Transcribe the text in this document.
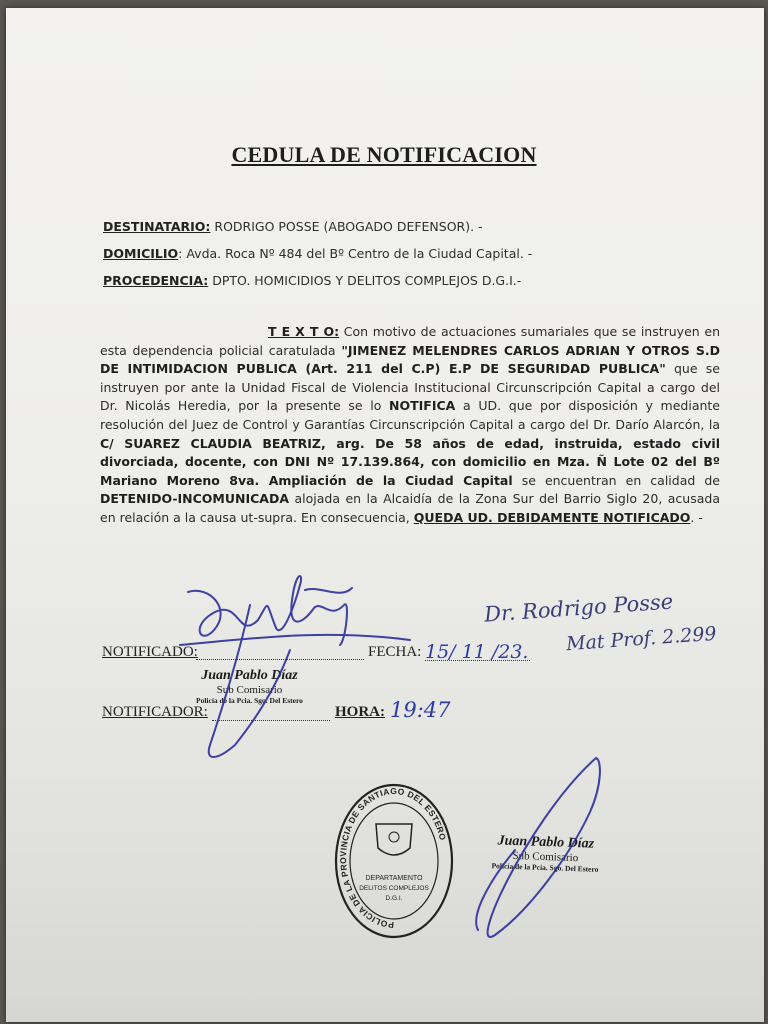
CEDULA DE NOTIFICACION
DESTINATARIO: RODRIGO POSSE (ABOGADO DEFENSOR). -
DOMICILIO: Avda. Roca Nº 484 del Bº Centro de la Ciudad Capital. -
PROCEDENCIA: DPTO. HOMICIDIOS Y DELITOS COMPLEJOS D.G.I.-
T E X T O: Con motivo de actuaciones sumariales que se instruyen en esta dependencia policial caratulada "JIMENEZ MELENDRES CARLOS ADRIAN Y OTROS S.D DE INTIMIDACION PUBLICA (Art. 211 del C.P) E.P DE SEGURIDAD PUBLICA" que se instruyen por ante la Unidad Fiscal de Violencia Institucional Circunscripción Capital a cargo del Dr. Nicolás Heredia, por la presente se lo NOTIFICA a UD. que por disposición y mediante resolución del Juez de Control y Garantías Circunscripción Capital a cargo del Dr. Darío Alarcón, la C/ SUAREZ CLAUDIA BEATRIZ, arg. De 58 años de edad, instruida, estado civil divorciada, docente, con DNI Nº 17.139.864, con domicilio en Mza. Ñ Lote 02 del Bº Mariano Moreno 8va. Ampliación de la Ciudad Capital se encuentran en calidad de DETENIDO-INCOMUNICADA alojada en la Alcaidía de la Zona Sur del Barrio Siglo 20, acusada en relación a la causa ut-supra. En consecuencia, QUEDA UD. DEBIDAMENTE NOTIFICADO. -
NOTIFICADO:	FECHA: 15/ 11 /23.
NOTIFICADOR:	HORA: 19:47
Dr. Rodrigo Posse
Mat Prof. 2.299
Juan Pablo Díaz
Sub Comisario
Policía de la Pcia. Sgo. Del Estero
Juan Pablo Díaz
Sub Comisario
Policía de la Pcia. Sgo. Del Estero
POLICIA DE LA PROVINCIA DE SANTIAGO DEL ESTERO
DEPARTAMENTO
DELITOS COMPLEJOS
D.G.I.
